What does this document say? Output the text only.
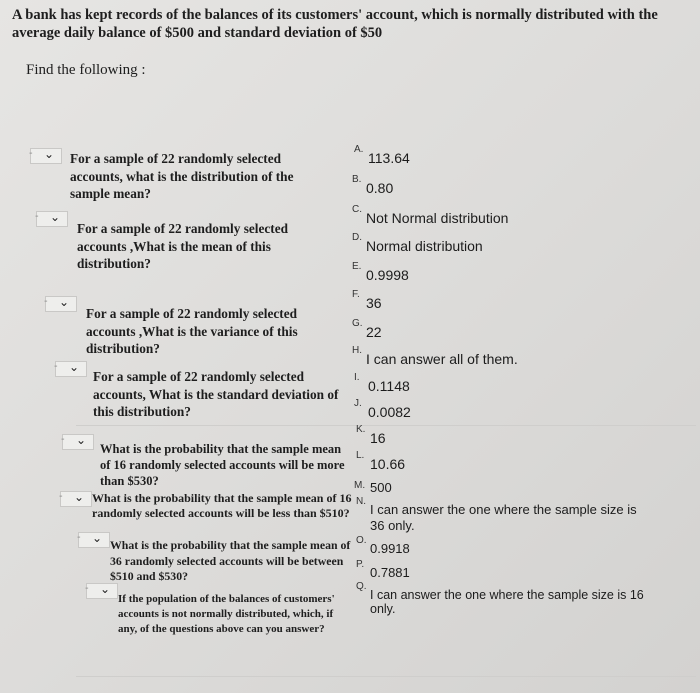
A bank has kept records of the balances of its customers' account, which is normally distributed with the average daily balance of $500 and standard deviation of $50
Find the following :
- ⌄ For a sample of 22 randomly selected accounts, what is the distribution of the sample mean?
- ⌄
For a sample of 22 randomly selected accounts ,What is the mean of this distribution?
- ⌄
For a sample of 22 randomly selected accounts ,What is the variance of this distribution?
- ⌄
For a sample of 22 randomly selected accounts, What is the standard deviation of this distribution?
- ⌄
What is the probability that the sample mean of 16 randomly selected accounts will be more than $530?
- ⌄ What is the probability that the sample mean of 16 randomly selected accounts will be less than $510?
- ⌄ What is the probability that the sample mean of 36 randomly selected accounts will be between $510 and $530?
- ⌄
If the population of the balances of customers' accounts is not normally distributed, which, if any, of the questions above can you answer?
A.
113.64
B.
0.80
C.
Not Normal distribution
D.
Normal distribution
E.
0.9998
F.
36
G.
22
H.
I can answer all of them.
I.
0.1148
J.
0.0082
K.
16
L.
10.66
M. 500
N.
I can answer the one where the sample size is 36 only.
O.
0.9918
P.
0.7881
Q.
I can answer the one where the sample size is 16 only.
